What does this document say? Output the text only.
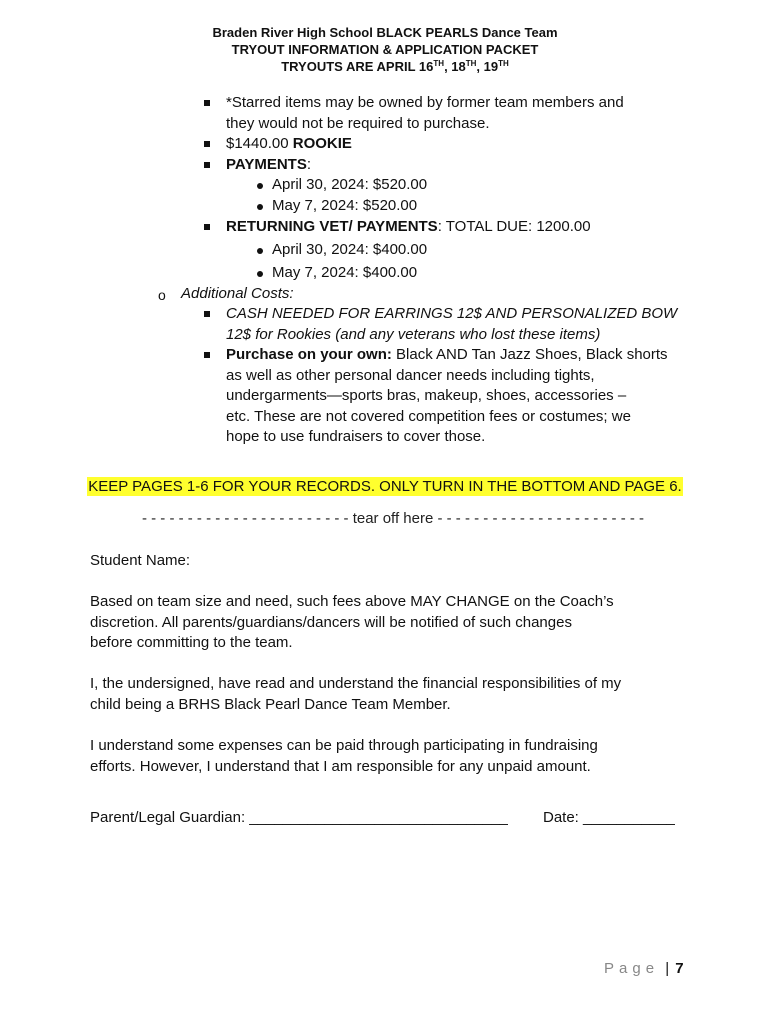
Braden River High School BLACK PEARLS Dance Team
TRYOUT INFORMATION & APPLICATION PACKET
TRYOUTS ARE APRIL 16TH, 18TH, 19TH
*Starred items may be owned by former team members and
they would not be required to purchase.
$1440.00 ROOKIE
PAYMENTS:
April 30, 2024: $520.00
May 7, 2024: $520.00
RETURNING VET/ PAYMENTS: TOTAL DUE: 1200.00
April 30, 2024: $400.00
May 7, 2024: $400.00
o Additional Costs:
CASH NEEDED FOR EARRINGS 12$ AND PERSONALIZED BOW
12$ for Rookies (and any veterans who lost these items)
Purchase on your own: Black AND Tan Jazz Shoes, Black shorts
as well as other personal dancer needs including tights,
undergarments—sports bras, makeup, shoes, accessories –
etc. These are not covered competition fees or costumes; we
hope to use fundraisers to cover those.
KEEP PAGES 1-6 FOR YOUR RECORDS. ONLY TURN IN THE BOTTOM AND PAGE 6.
- - - - - - - - - - - - - - - - - - - - - - - tear off here - - - - - - - - - - - - - - - - - - - - - - -
Student Name:
Based on team size and need, such fees above MAY CHANGE on the Coach’s
discretion. All parents/guardians/dancers will be notified of such changes
before committing to the team.
I, the undersigned, have read and understand the financial responsibilities of my
child being a BRHS Black Pearl Dance Team Member.
I understand some expenses can be paid through participating in fundraising
efforts. However, I understand that I am responsible for any unpaid amount.
Parent/Legal Guardian: _______________________________ Date: ___________
Page | 7
